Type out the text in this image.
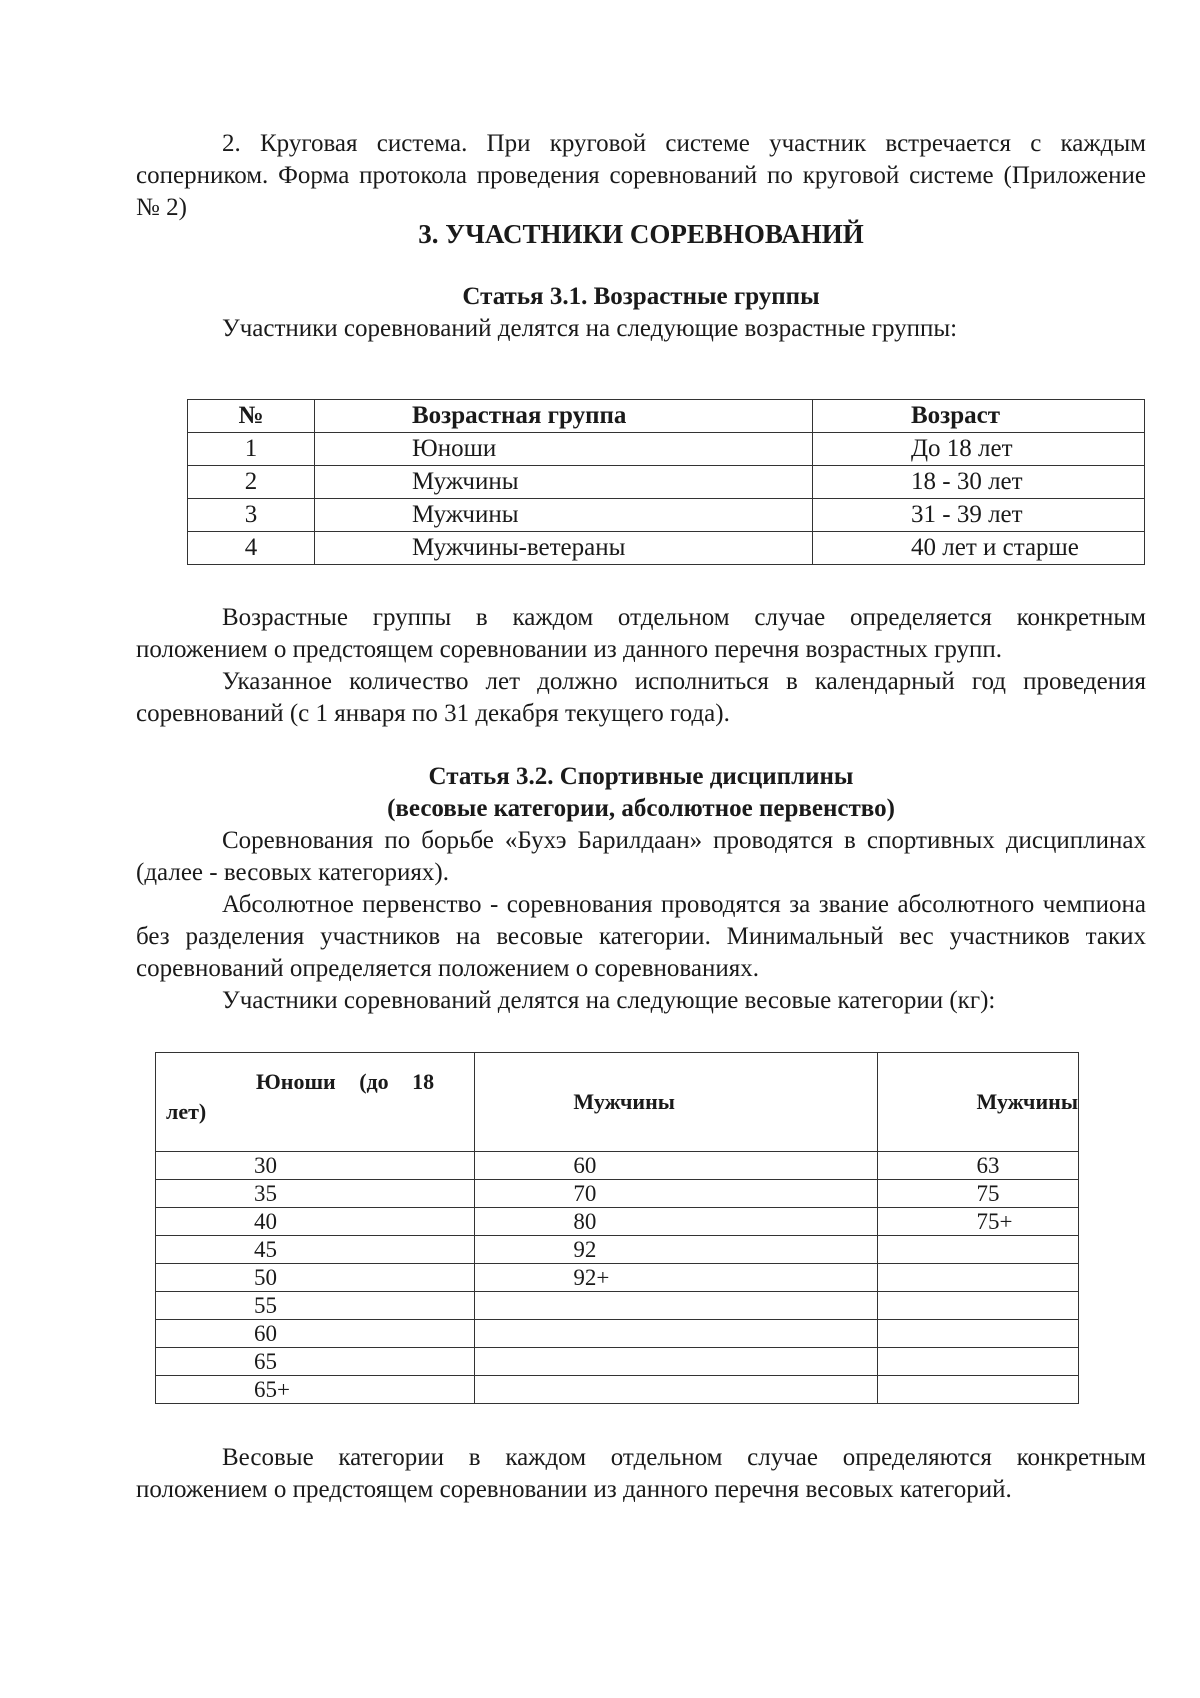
2. Круговая система. При круговой системе участник встречается с каждым соперником. Форма протокола проведения соревнований по круговой системе (Приложение № 2)

3. УЧАСТНИКИ СОРЕВНОВАНИЙ

Статья 3.1. Возрастные группы

Участники соревнований делятся на следующие возрастные группы:

№	Возрастная группа	Возраст
1	Юноши	До 18 лет
2	Мужчины	18 - 30 лет
3	Мужчины	31 - 39 лет
4	Мужчины-ветераны	40 лет и старше

Возрастные группы в каждом отдельном случае определяется конкретным положением о предстоящем соревновании из данного перечня возрастных групп.

Указанное количество лет должно исполниться в календарный год проведения соревнований (с 1 января по 31 декабря текущего года).

Статья 3.2. Спортивные дисциплины

(весовые категории, абсолютное первенство)

Соревнования по борьбе «Бухэ Барилдаан» проводятся в спортивных дисциплинах (далее - весовых категориях).

Абсолютное первенство - соревнования проводятся за звание абсолютного чемпиона без разделения участников на весовые категории. Минимальный вес участников таких соревнований определяется положением о соревнованиях.

Участники соревнований делятся на следующие весовые категории (кг):

Юноши (до 18
лет)	Мужчины	Мужчины
30	60	63
35	70	75
40	80	75+
45	92	
50	92+	
55		
60		
65		
65+		

Весовые категории в каждом отдельном случае определяются конкретным положением о предстоящем соревновании из данного перечня весовых категорий.
